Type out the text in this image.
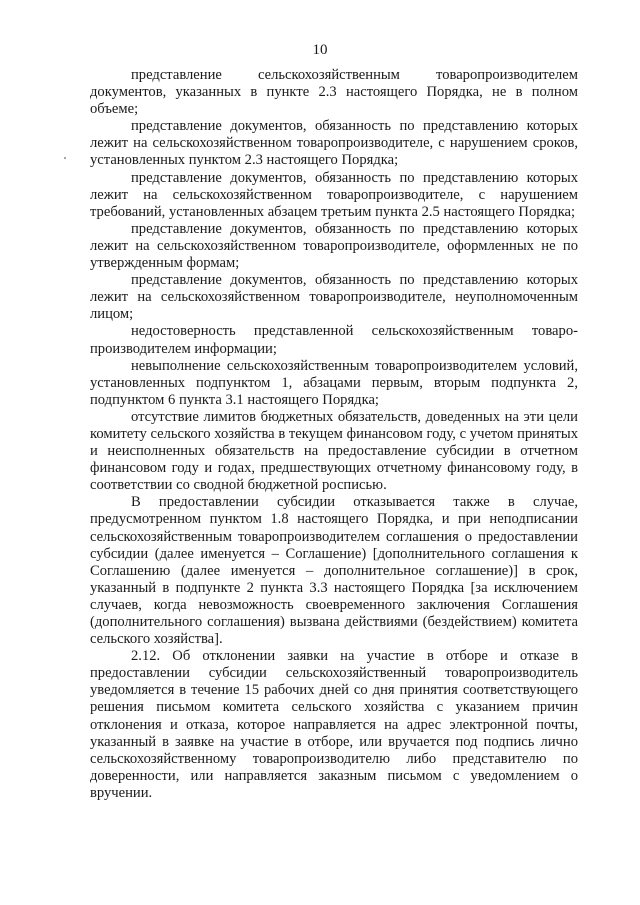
10

представление сельскохозяйственным товаропроизводителем документов, указанных в пункте 2.3 настоящего Порядка, не в полном объеме;

представление документов, обязанность по представлению которых лежит на сельскохозяйственном товаропроизводителе, с нарушением сроков, установленных пунктом 2.3 настоящего Порядка;

представление документов, обязанность по представлению которых лежит на сельскохозяйственном товаропроизводителе, с нарушением требований, установленных абзацем третьим пункта 2.5 настоящего Порядка;

представление документов, обязанность по представлению которых лежит на сельскохозяйственном товаропроизводителе, оформленных не по утвержденным формам;

представление документов, обязанность по представлению которых лежит на сельскохозяйственном товаропроизводителе, неуполномоченным лицом;

недостоверность представленной сельскохозяйственным товаропроизводителем информации;

невыполнение сельскохозяйственным товаропроизводителем условий, установленных подпунктом 1, абзацами первым, вторым подпункта 2, подпунктом 6 пункта 3.1 настоящего Порядка;

отсутствие лимитов бюджетных обязательств, доведенных на эти цели комитету сельского хозяйства в текущем финансовом году, с учетом принятых и неисполненных обязательств на предоставление субсидии в отчетном финансовом году и годах, предшествующих отчетному финансовому году, в соответствии со сводной бюджетной росписью.

В предоставлении субсидии отказывается также в случае, предусмотренном пунктом 1.8 настоящего Порядка, и при неподписании сельскохозяйственным товаропроизводителем соглашения о предоставлении субсидии (далее именуется – Соглашение) [дополнительного соглашения к Соглашению (далее именуется – дополнительное соглашение)] в срок, указанный в подпункте 2 пункта 3.3 настоящего Порядка [за исключением случаев, когда невозможность своевременного заключения Соглашения (дополнительного соглашения) вызвана действиями (бездействием) комитета сельского хозяйства].

2.12. Об отклонении заявки на участие в отборе и отказе в предоставлении субсидии сельскохозяйственный товаропроизводитель уведомляется в течение 15 рабочих дней со дня принятия соответствующего решения письмом комитета сельского хозяйства с указанием причин отклонения и отказа, которое направляется на адрес электронной почты, указанный в заявке на участие в отборе, или вручается под подпись лично сельскохозяйственному товаропроизводителю либо представителю по доверенности, или направляется заказным письмом с уведомлением о вручении.
